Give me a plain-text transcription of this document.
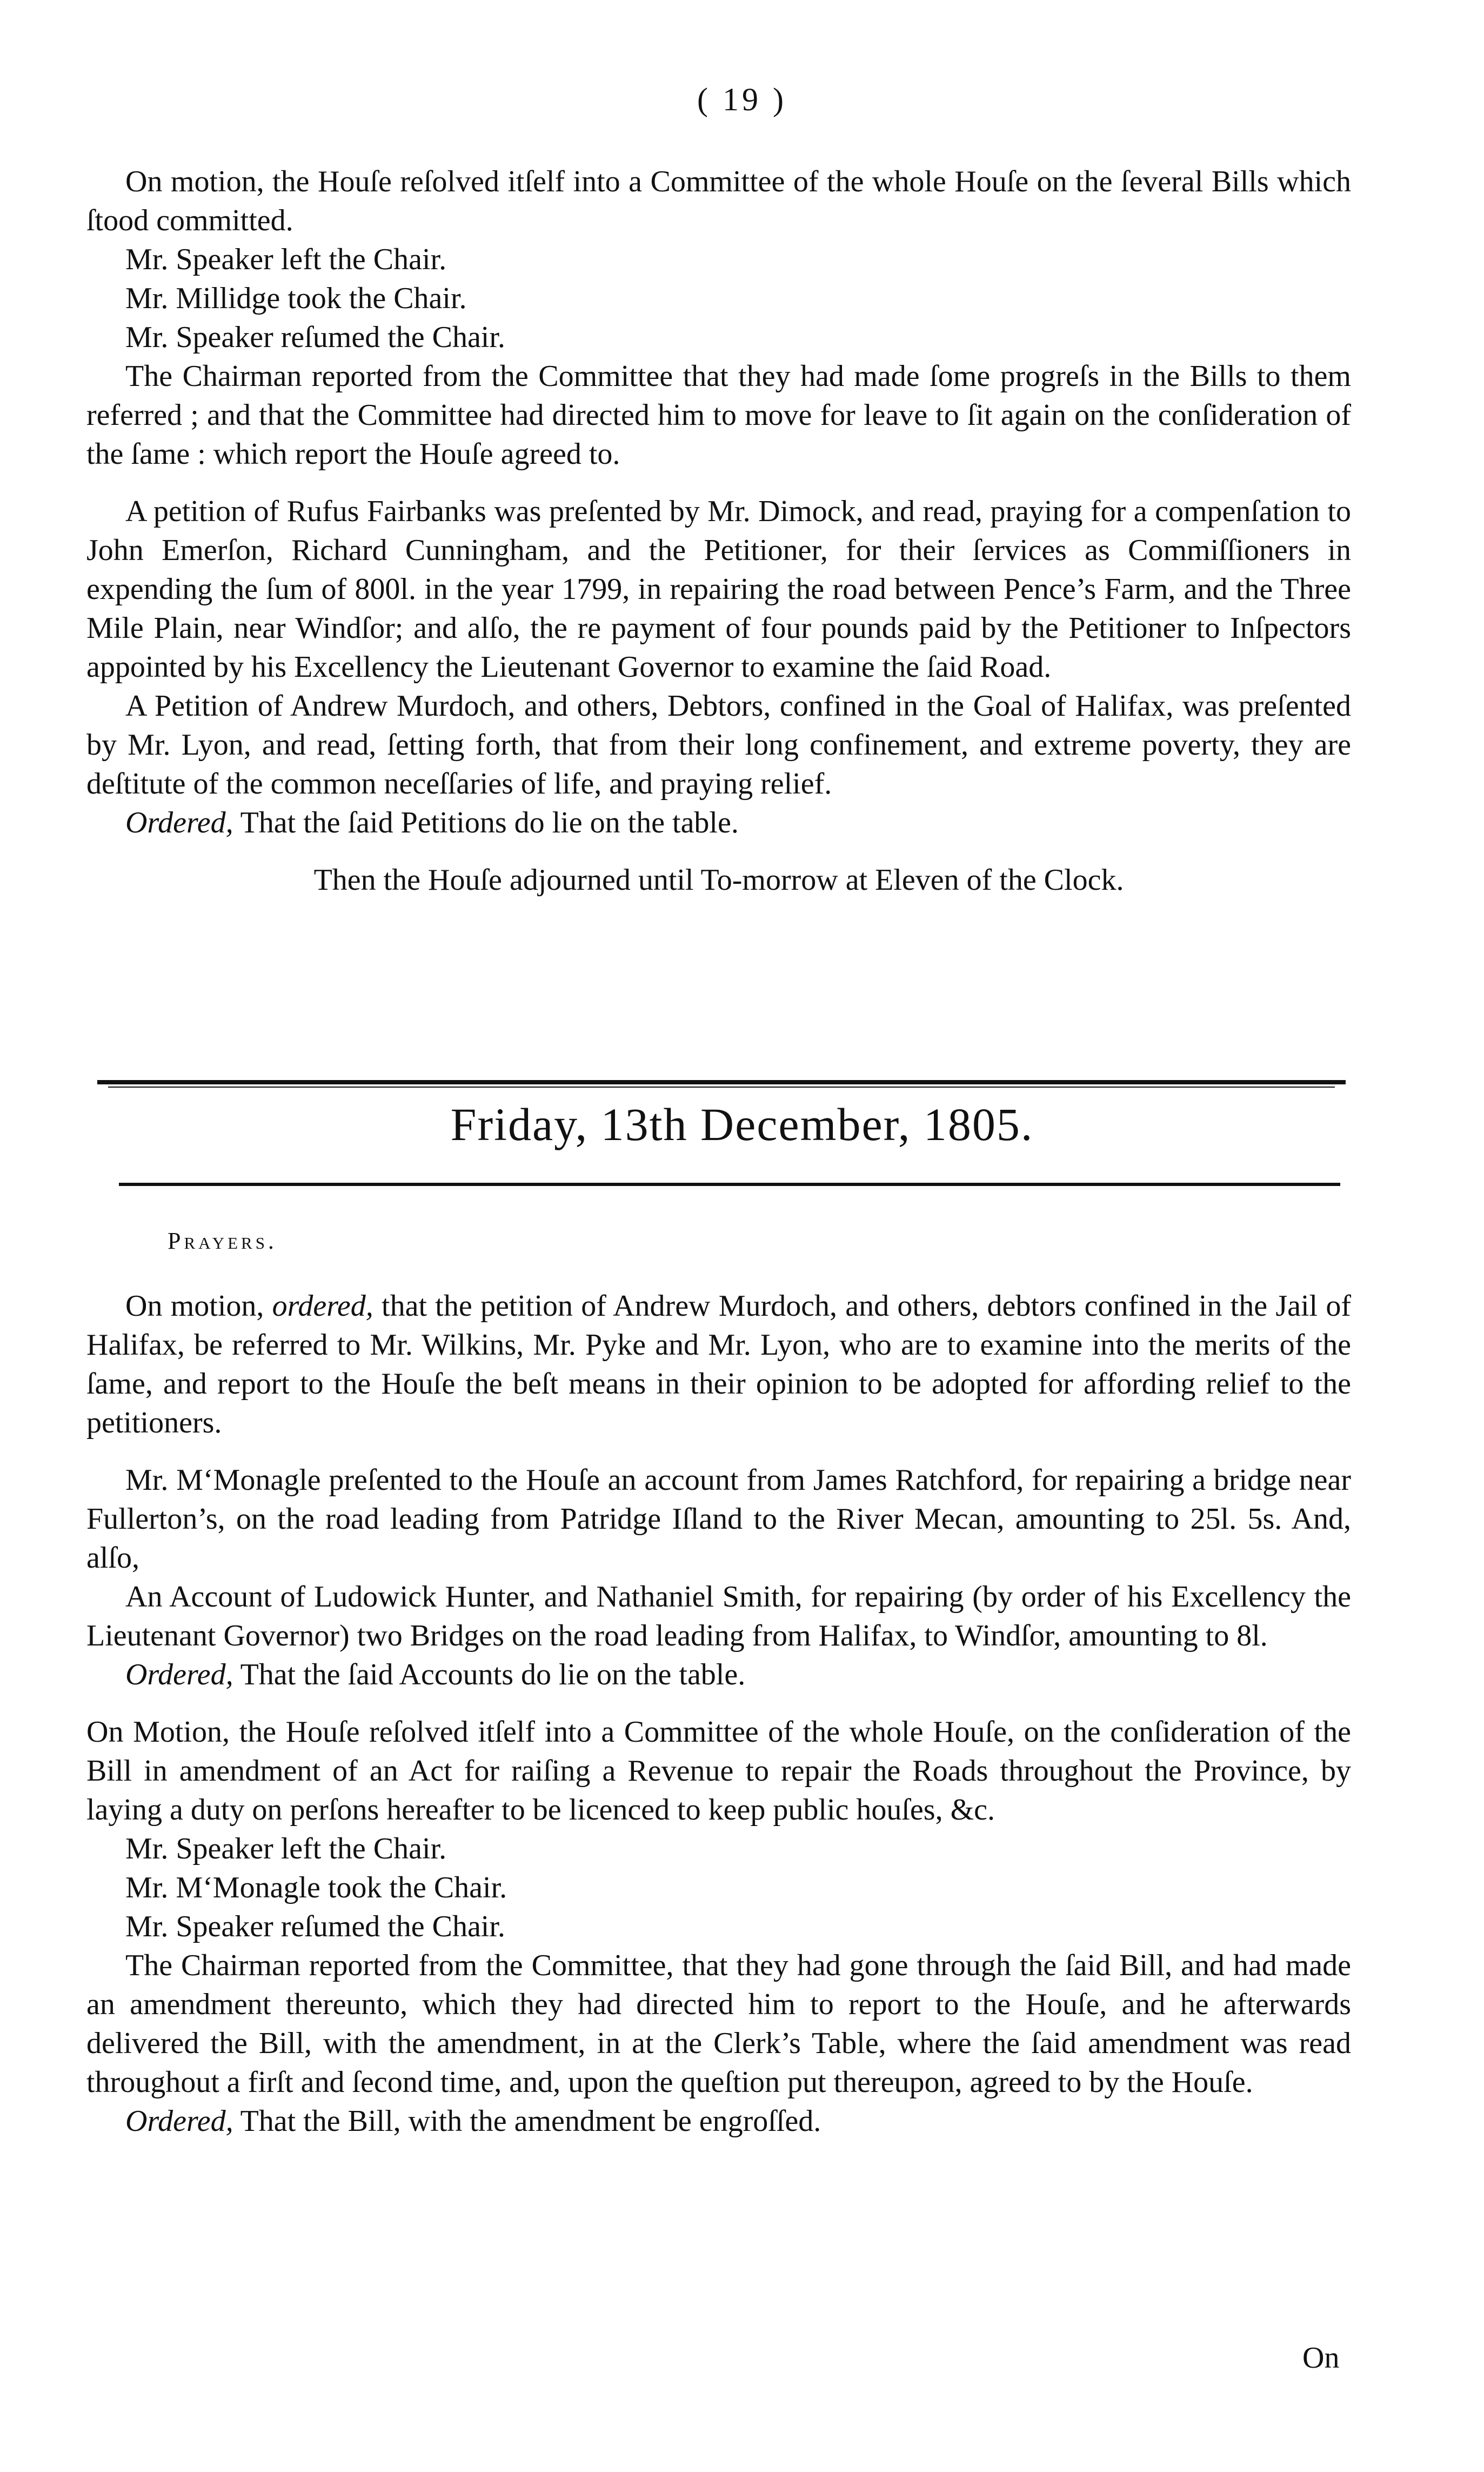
( 19 )

On motion, the Houſe reſolved itſelf into a Committee of the whole Houſe on the ſeveral Bills which ſtood committed.

Mr. Speaker left the Chair.

Mr. Millidge took the Chair.

Mr. Speaker reſumed the Chair.

The Chairman reported from the Committee that they had made ſome progreſs in the Bills to them referred ; and that the Committee had directed him to move for leave to ſit again on the conſideration of the ſame : which report the Houſe agreed to.

A petition of Rufus Fairbanks was preſented by Mr. Dimock, and read, praying for a compenſation to John Emerſon, Richard Cunningham, and the Petitioner, for their ſervices as Commiſſioners in expending the ſum of 800l. in the year 1799, in repairing the road between Pence’s Farm, and the Three Mile Plain, near Windſor; and alſo, the re payment of four pounds paid by the Petitioner to Inſpectors appointed by his Excellency the Lieutenant Governor to examine the ſaid Road.

A Petition of Andrew Murdoch, and others, Debtors, confined in the Goal of Halifax, was preſented by Mr. Lyon, and read, ſetting forth, that from their long confinement, and extreme poverty, they are deſtitute of the common neceſſaries of life, and praying relief.

Ordered, That the ſaid Petitions do lie on the table.

Then the Houſe adjourned until To-morrow at Eleven of the Clock.

Friday, 13th December, 1805.
Prayers.

On motion, ordered, that the petition of Andrew Murdoch, and others, debtors confined in the Jail of Halifax, be referred to Mr. Wilkins, Mr. Pyke and Mr. Lyon, who are to examine into the merits of the ſame, and report to the Houſe the beſt means in their opinion to be adopted for affording relief to the petitioners.

Mr. M‘Monagle preſented to the Houſe an account from James Ratchford, for repairing a bridge near Fullerton’s, on the road leading from Patridge Iſland to the River Mecan, amounting to 25l. 5s. And, alſo,

An Account of Ludowick Hunter, and Nathaniel Smith, for repairing (by order of his Excellency the Lieutenant Governor) two Bridges on the road leading from Halifax, to Windſor, amounting to 8l.

Ordered, That the ſaid Accounts do lie on the table.

On Motion, the Houſe reſolved itſelf into a Committee of the whole Houſe, on the conſideration of the Bill in amendment of an Act for raiſing a Revenue to repair the Roads throughout the Province, by laying a duty on perſons hereafter to be licenced to keep public houſes, &c.

Mr. Speaker left the Chair.

Mr. M‘Monagle took the Chair.

Mr. Speaker reſumed the Chair.

The Chairman reported from the Committee, that they had gone through the ſaid Bill, and had made an amendment thereunto, which they had directed him to report to the Houſe, and he afterwards delivered the Bill, with the amendment, in at the Clerk’s Table, where the ſaid amendment was read throughout a firſt and ſecond time, and, upon the queſtion put thereupon, agreed to by the Houſe.

Ordered, That the Bill, with the amendment be engroſſed.

On
